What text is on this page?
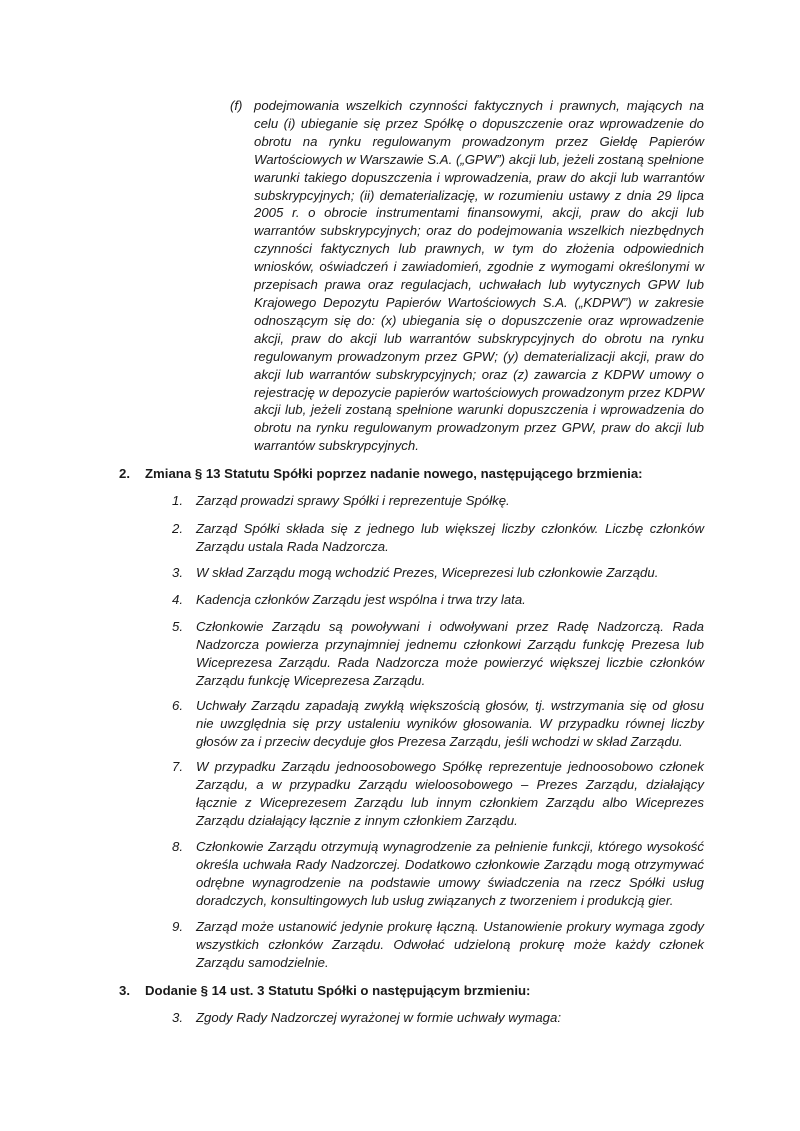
(f) podejmowania wszelkich czynności faktycznych i prawnych, mających na celu (i) ubieganie się przez Spółkę o dopuszczenie oraz wprowadzenie do obrotu na rynku regulowanym prowadzonym przez Giełdę Papierów Wartościowych w Warszawie S.A. („GPW”) akcji lub, jeżeli zostaną spełnione warunki takiego dopuszczenia i wprowadzenia, praw do akcji lub warrantów subskrypcyjnych; (ii) dematerializację, w rozumieniu ustawy z dnia 29 lipca 2005 r. o obrocie instrumentami finansowymi, akcji, praw do akcji lub warrantów subskrypcyjnych; oraz do podejmowania wszelkich niezbędnych czynności faktycznych lub prawnych, w tym do złożenia odpowiednich wniosków, oświadczeń i zawiadomień, zgodnie z wymogami określonymi w przepisach prawa oraz regulacjach, uchwałach lub wytycznych GPW lub Krajowego Depozytu Papierów Wartościowych S.A. („KDPW”) w zakresie odnoszącym się do: (x) ubiegania się o dopuszczenie oraz wprowadzenie akcji, praw do akcji lub warrantów subskrypcyjnych do obrotu na rynku regulowanym prowadzonym przez GPW; (y) dematerializacji akcji, praw do akcji lub warrantów subskrypcyjnych; oraz (z) zawarcia z KDPW umowy o rejestrację w depozycie papierów wartościowych prowadzonym przez KDPW akcji lub, jeżeli zostaną spełnione warunki dopuszczenia i wprowadzenia do obrotu na rynku regulowanym prowadzonym przez GPW, praw do akcji lub warrantów subskrypcyjnych.
2. Zmiana § 13 Statutu Spółki poprzez nadanie nowego, następującego brzmienia:
1. Zarząd prowadzi sprawy Spółki i reprezentuje Spółkę.
2. Zarząd Spółki składa się z jednego lub większej liczby członków. Liczbę członków Zarządu ustala Rada Nadzorcza.
3. W skład Zarządu mogą wchodzić Prezes, Wiceprezesi lub członkowie Zarządu.
4. Kadencja członków Zarządu jest wspólna i trwa trzy lata.
5. Członkowie Zarządu są powoływani i odwoływani przez Radę Nadzorczą. Rada Nadzorcza powierza przynajmniej jednemu członkowi Zarządu funkcję Prezesa lub Wiceprezesa Zarządu. Rada Nadzorcza może powierzyć większej liczbie członków Zarządu funkcję Wiceprezesa Zarządu.
6. Uchwały Zarządu zapadają zwykłą większością głosów, tj. wstrzymania się od głosu nie uwzględnia się przy ustaleniu wyników głosowania. W przypadku równej liczby głosów za i przeciw decyduje głos Prezesa Zarządu, jeśli wchodzi w skład Zarządu.
7. W przypadku Zarządu jednoosobowego Spółkę reprezentuje jednoosobowo członek Zarządu, a w przypadku Zarządu wieloosobowego – Prezes Zarządu, działający łącznie z Wiceprezesem Zarządu lub innym członkiem Zarządu albo Wiceprezes Zarządu działający łącznie z innym członkiem Zarządu.
8. Członkowie Zarządu otrzymują wynagrodzenie za pełnienie funkcji, którego wysokość określa uchwała Rady Nadzorczej. Dodatkowo członkowie Zarządu mogą otrzymywać odrębne wynagrodzenie na podstawie umowy świadczenia na rzecz Spółki usług doradczych, konsultingowych lub usług związanych z tworzeniem i produkcją gier.
9. Zarząd może ustanowić jedynie prokurę łączną. Ustanowienie prokury wymaga zgody wszystkich członków Zarządu. Odwołać udzieloną prokurę może każdy członek Zarządu samodzielnie.
3. Dodanie § 14 ust. 3 Statutu Spółki o następującym brzmieniu:
3. Zgody Rady Nadzorczej wyrażonej w formie uchwały wymaga:
